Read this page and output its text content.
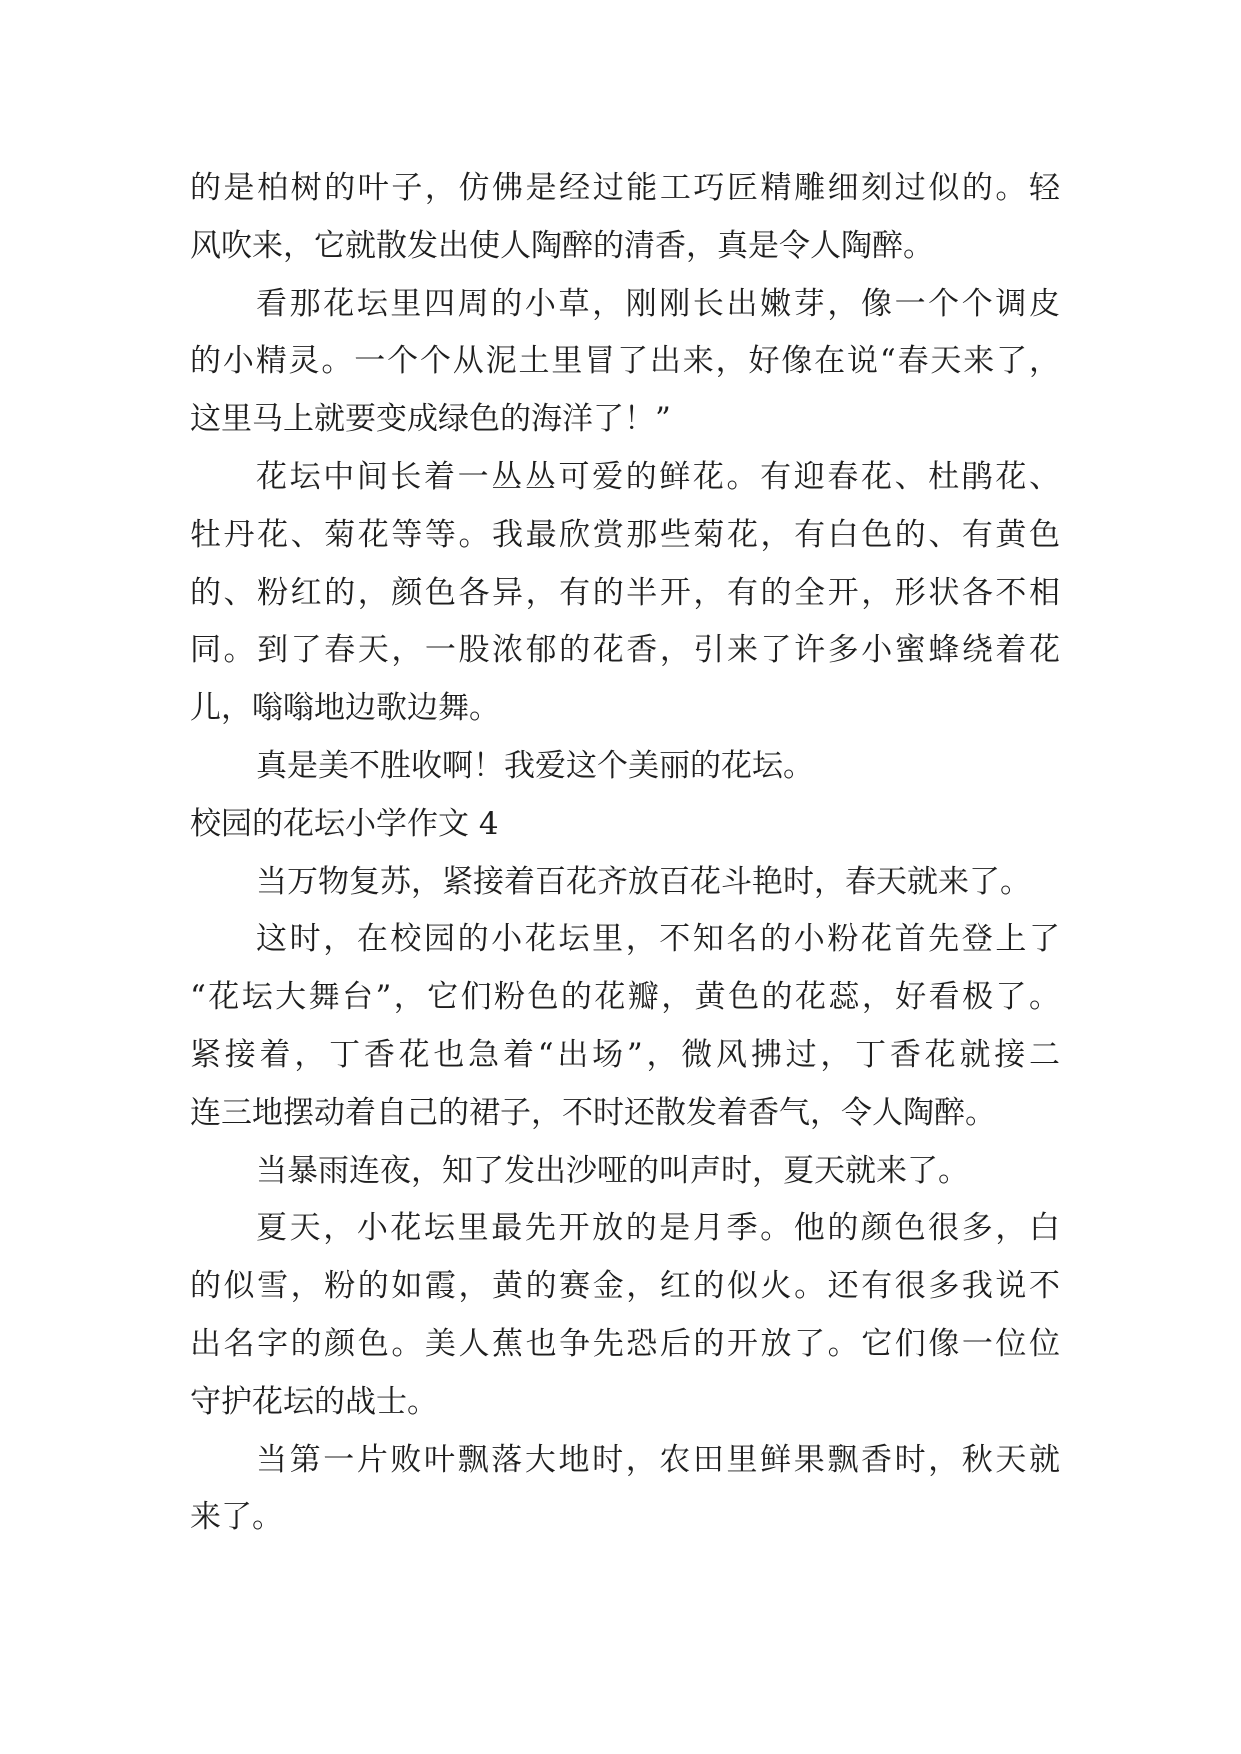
的是柏树的叶子，仿佛是经过能工巧匠精雕细刻过似的。轻
风吹来，它就散发出使人陶醉的清香，真是令人陶醉。
看那花坛里四周的小草，刚刚长出嫩芽，像一个个调皮
的小精灵。一个个从泥土里冒了出来，好像在说“春天来了，
这里马上就要变成绿色的海洋了！”
花坛中间长着一丛丛可爱的鲜花。有迎春花、杜鹃花、
牡丹花、菊花等等。我最欣赏那些菊花，有白色的、有黄色
的、粉红的，颜色各异，有的半开，有的全开，形状各不相
同。到了春天，一股浓郁的花香，引来了许多小蜜蜂绕着花
儿，嗡嗡地边歌边舞。
真是美不胜收啊！我爱这个美丽的花坛。
校园的花坛小学作文 4
当万物复苏，紧接着百花齐放百花斗艳时，春天就来了。
这时，在校园的小花坛里，不知名的小粉花首先登上了
“花坛大舞台”，它们粉色的花瓣，黄色的花蕊，好看极了。
紧接着，丁香花也急着“出场”，微风拂过，丁香花就接二
连三地摆动着自己的裙子，不时还散发着香气，令人陶醉。
当暴雨连夜，知了发出沙哑的叫声时，夏天就来了。
夏天，小花坛里最先开放的是月季。他的颜色很多，白
的似雪，粉的如霞，黄的赛金，红的似火。还有很多我说不
出名字的颜色。美人蕉也争先恐后的开放了。它们像一位位
守护花坛的战士。
当第一片败叶飘落大地时，农田里鲜果飘香时，秋天就
来了。
